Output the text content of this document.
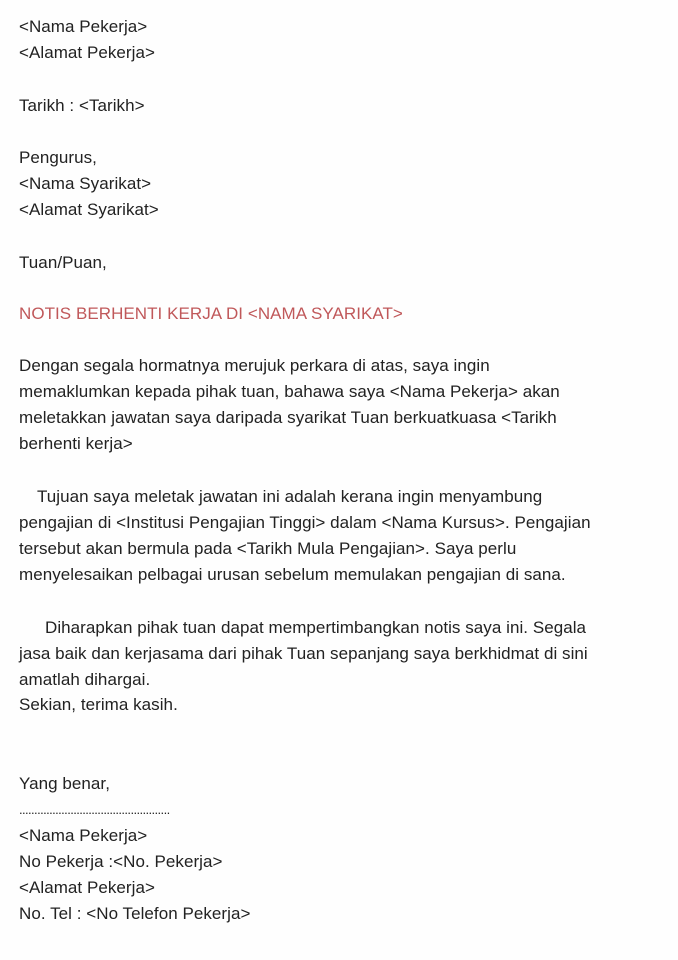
<Nama Pekerja>
<Alamat Pekerja>
Tarikh : <Tarikh>
Pengurus,
<Nama Syarikat>
<Alamat Syarikat>
Tuan/Puan,
NOTIS BERHENTI KERJA DI <NAMA SYARIKAT>
Dengan segala hormatnya merujuk perkara di atas, saya ingin
memaklumkan kepada pihak tuan, bahawa saya <Nama Pekerja> akan
meletakkan jawatan saya daripada syarikat Tuan berkuatkuasa <Tarikh
berhenti kerja>
Tujuan saya meletak jawatan ini adalah kerana ingin menyambung
pengajian di <Institusi Pengajian Tinggi> dalam <Nama Kursus>. Pengajian
tersebut akan bermula pada <Tarikh Mula Pengajian>. Saya perlu
menyelesaikan pelbagai urusan sebelum memulakan pengajian di sana.
Diharapkan pihak tuan dapat mempertimbangkan notis saya ini. Segala
jasa baik dan kerjasama dari pihak Tuan sepanjang saya berkhidmat di sini
amatlah dihargai.
Sekian, terima kasih.
Yang benar,
..................................................
<Nama Pekerja>
No Pekerja :<No. Pekerja>
<Alamat Pekerja>
No. Tel : <No Telefon Pekerja>
